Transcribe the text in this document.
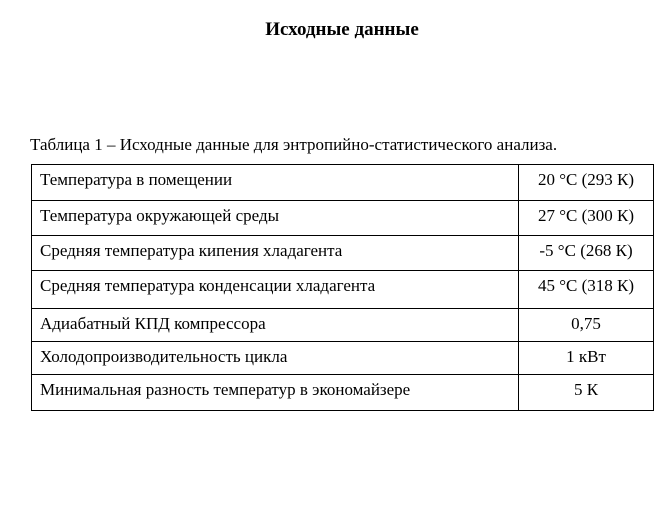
Исходные данные
Таблица 1 – Исходные данные для энтропийно-статистического анализа.
Температура в помещении	20 °С (293 К)
Температура окружающей среды	27 °С (300 К)
Средняя температура кипения хладагента	-5 °С (268 К)
Средняя температура конденсации хладагента	45 °С (318 К)
Адиабатный КПД компрессора	0,75
Холодопроизводительность цикла	1 кВт
Минимальная разность температур в экономайзере	5 К
